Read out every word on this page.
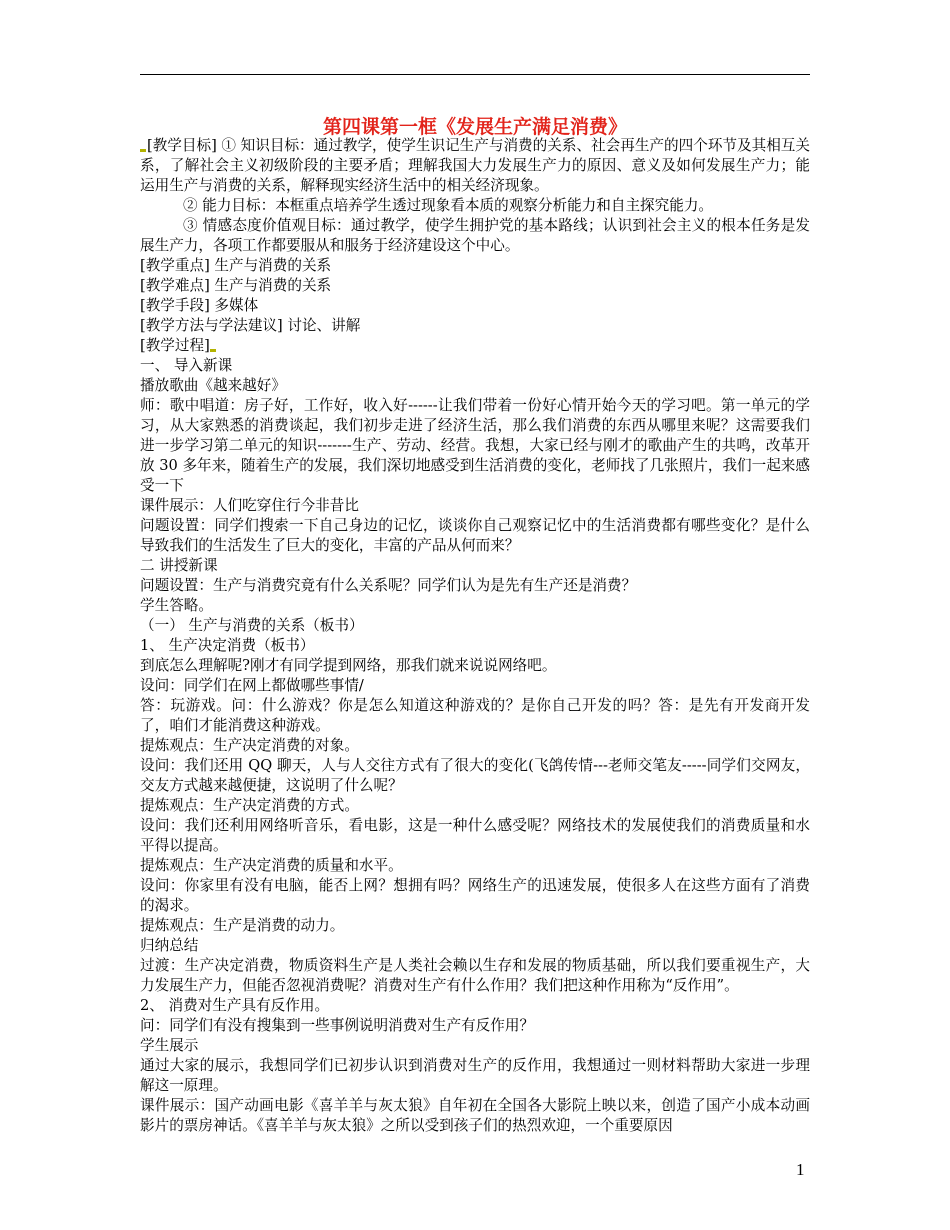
第四课第一框《发展生产满足消费》

[教学目标] ① 知识目标：通过教学，使学生识记生产与消费的关系、社会再生产的四个环节及其相互关系，了解社会主义初级阶段的主要矛盾；理解我国大力发展生产力的原因、意义及如何发展生产力；能运用生产与消费的关系，解释现实经济生活中的相关经济现象。

② 能力目标：本框重点培养学生透过现象看本质的观察分析能力和自主探究能力。

③ 情感态度价值观目标：通过教学，使学生拥护党的基本路线；认识到社会主义的根本任务是发展生产力，各项工作都要服从和服务于经济建设这个中心。

[教学重点] 生产与消费的关系

[教学难点] 生产与消费的关系

[教学手段] 多媒体

[教学方法与学法建议] 讨论、讲解

[教学过程]

一、 导入新课

播放歌曲《越来越好》

师：歌中唱道：房子好，工作好，收入好------让我们带着一份好心情开始今天的学习吧。第一单元的学习，从大家熟悉的消费谈起，我们初步走进了经济生活，那么我们消费的东西从哪里来呢？这需要我们进一步学习第二单元的知识-------生产、劳动、经营。我想，大家已经与刚才的歌曲产生的共鸣，改革开放 30 多年来，随着生产的发展，我们深切地感受到生活消费的变化，老师找了几张照片，我们一起来感受一下

课件展示：人们吃穿住行今非昔比

问题设置：同学们搜索一下自己身边的记忆，谈谈你自己观察记忆中的生活消费都有哪些变化？是什么导致我们的生活发生了巨大的变化，丰富的产品从何而来？

二 讲授新课

问题设置：生产与消费究竟有什么关系呢？同学们认为是先有生产还是消费？

学生答略。

（一） 生产与消费的关系（板书）

1、 生产决定消费（板书）

到底怎么理解呢?刚才有同学提到网络，那我们就来说说网络吧。

设问：同学们在网上都做哪些事情/

答：玩游戏。问：什么游戏？你是怎么知道这种游戏的？是你自己开发的吗？答：是先有开发商开发了，咱们才能消费这种游戏。

提炼观点：生产决定消费的对象。

设问：我们还用 QQ 聊天，人与人交往方式有了很大的变化(飞鸽传情---老师交笔友-----同学们交网友，交友方式越来越便捷，这说明了什么呢？

提炼观点：生产决定消费的方式。

设问：我们还利用网络听音乐，看电影，这是一种什么感受呢？网络技术的发展使我们的消费质量和水平得以提高。

提炼观点：生产决定消费的质量和水平。

设问：你家里有没有电脑，能否上网？想拥有吗？网络生产的迅速发展，使很多人在这些方面有了消费的渴求。

提炼观点：生产是消费的动力。

归纳总结

过渡：生产决定消费，物质资料生产是人类社会赖以生存和发展的物质基础，所以我们要重视生产，大力发展生产力，但能否忽视消费呢？消费对生产有什么作用？我们把这种作用称为“反作用”。

2、 消费对生产具有反作用。

问：同学们有没有搜集到一些事例说明消费对生产有反作用？

学生展示

通过大家的展示，我想同学们已初步认识到消费对生产的反作用，我想通过一则材料帮助大家进一步理解这一原理。

课件展示：国产动画电影《喜羊羊与灰太狼》自年初在全国各大影院上映以来，创造了国产小成本动画影片的票房神话。《喜羊羊与灰太狼》之所以受到孩子们的热烈欢迎，一个重要原因

1
